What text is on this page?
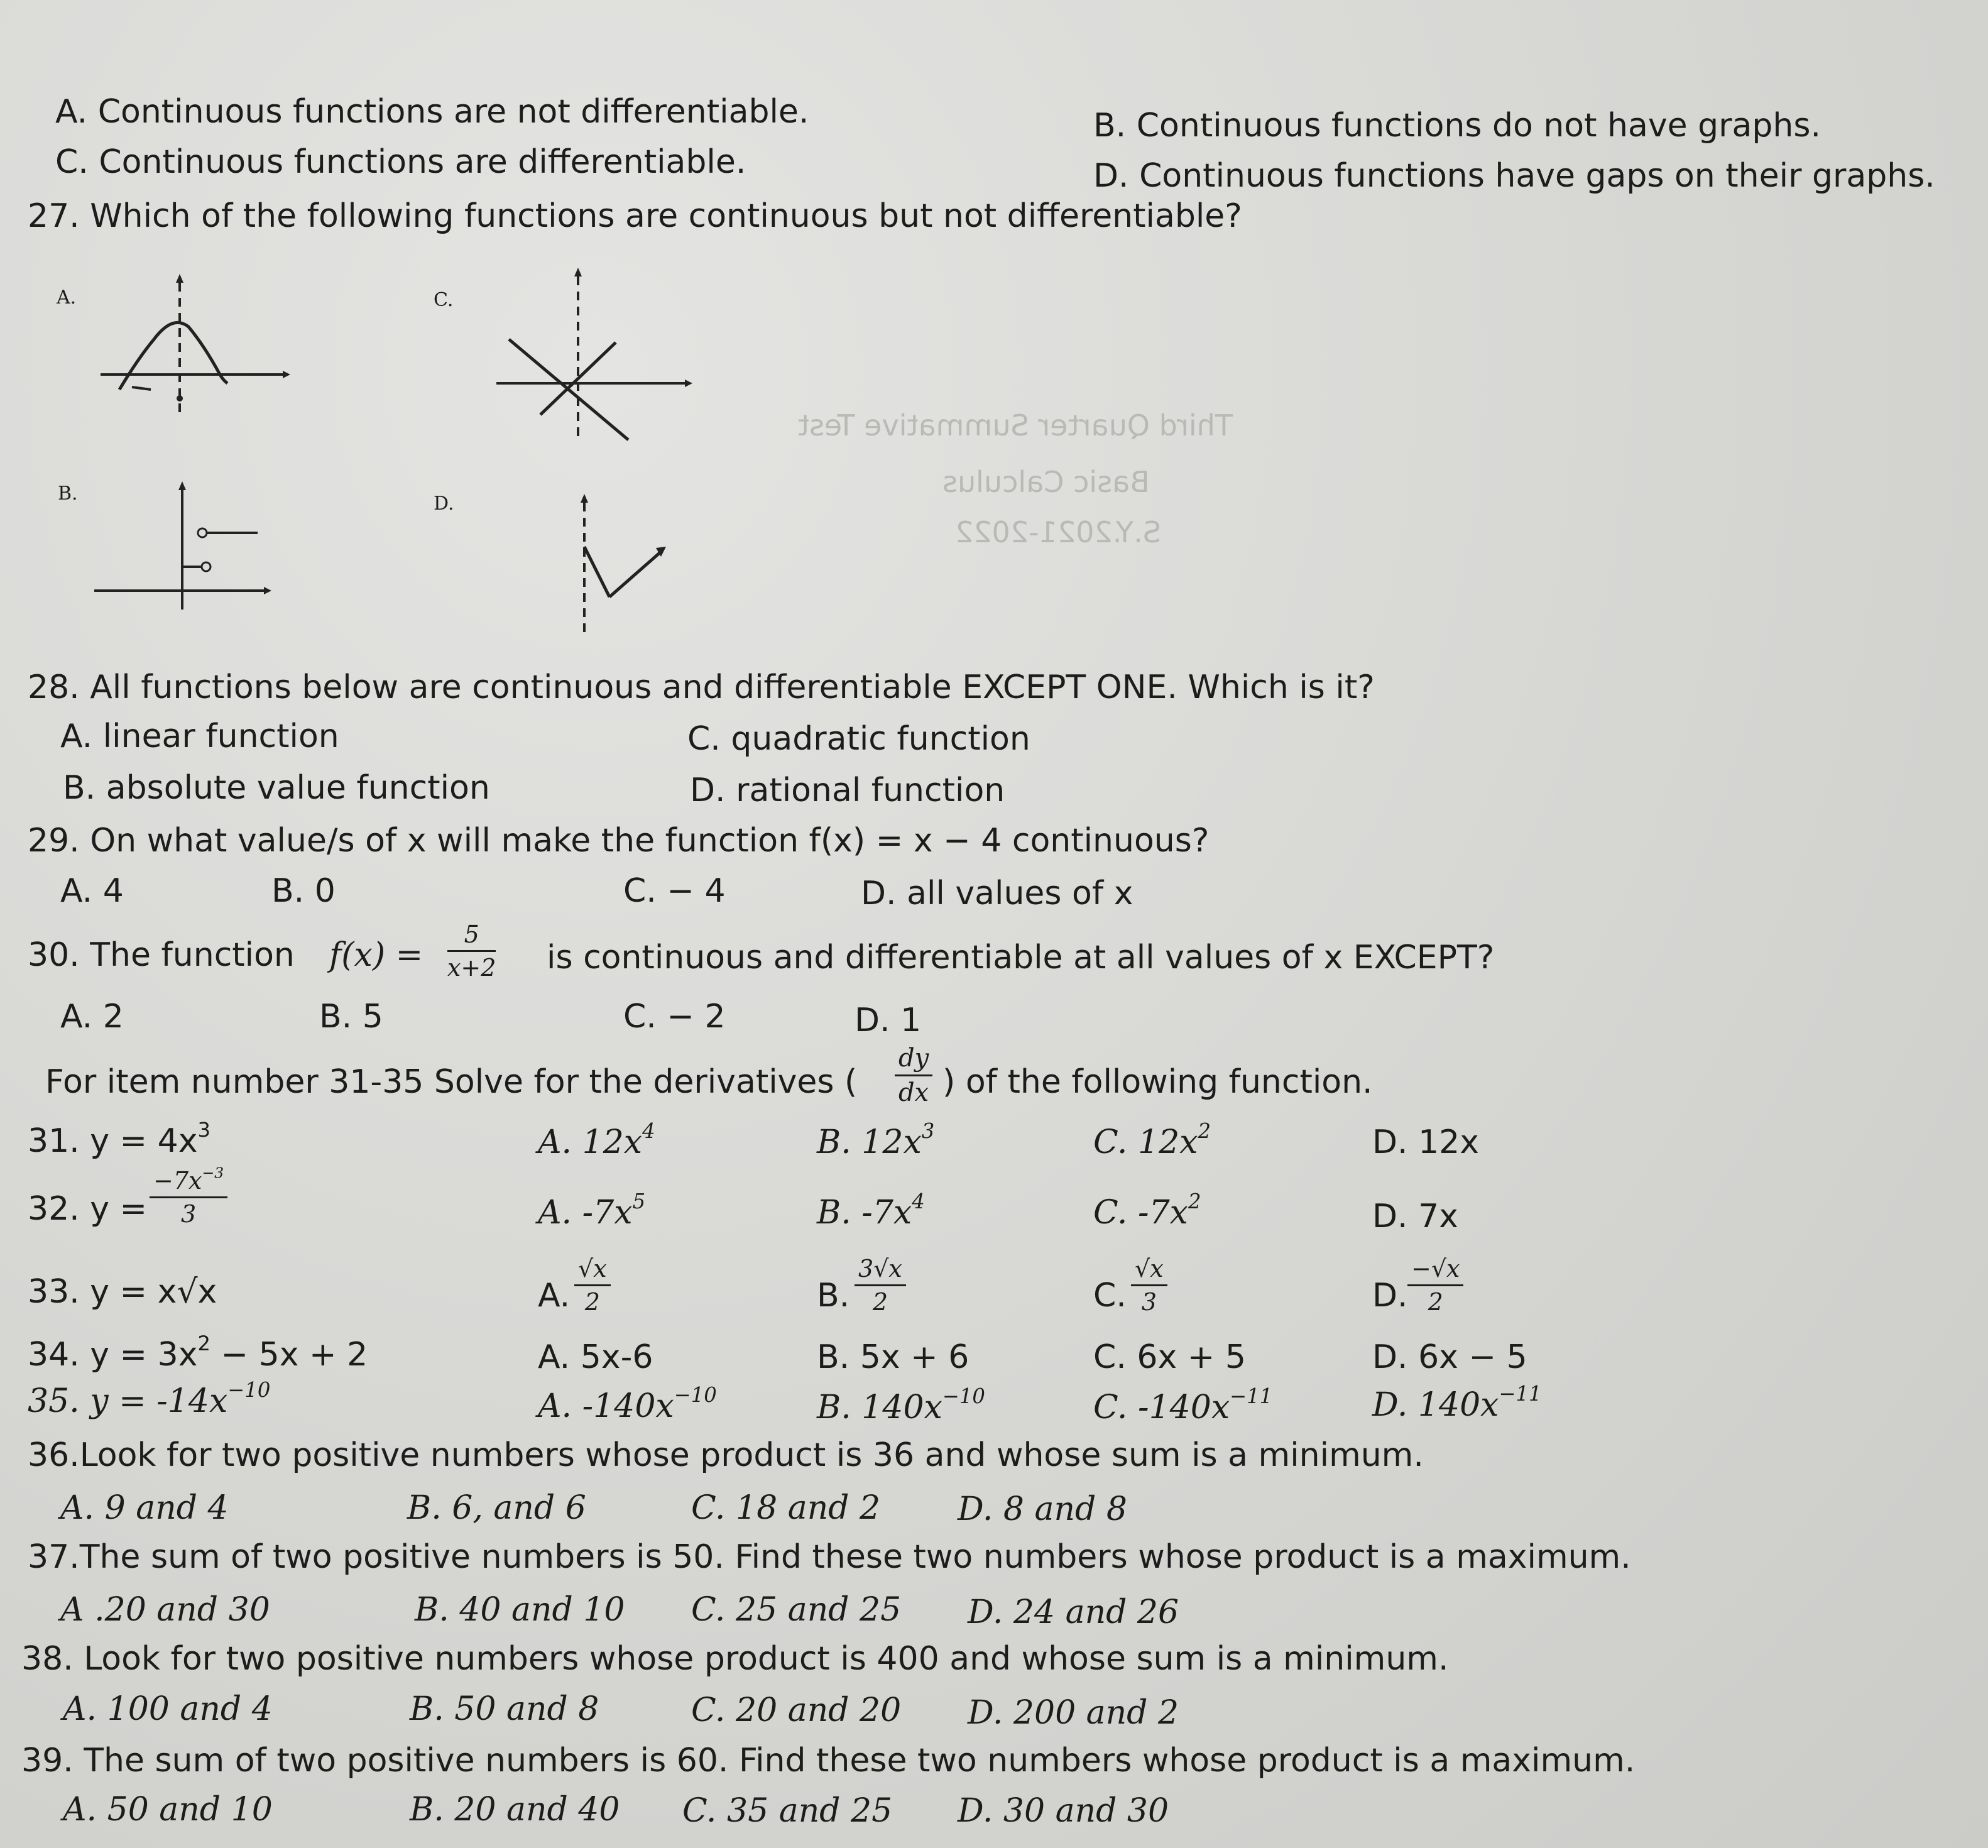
Third Quarter Summative Test
Basic Calculus
S.Y.2021-2022
A. Continuous functions are not differentiable.	B. Continuous functions do not have graphs.
C. Continuous functions are differentiable.	D. Continuous functions have gaps on their graphs.
27. Which of the following functions are continuous but not differentiable?
A.	C.
B.	D.
28. All functions below are continuous and differentiable EXCEPT ONE. Which is it?
A. linear function	C. quadratic function
B. absolute value function	D. rational function
29. On what value/s of x will make the function f(x) = x − 4 continuous?
A. 4	B. 0	C. − 4	D. all values of x
30. The function $f(x) = \frac{5}{x+2}$ is continuous and differentiable at all values of x EXCEPT?
A. 2	B. 5	C. − 2	D. 1
For item number 31-35 Solve for the derivatives ( $\frac{dy}{dx}$ ) of the following function.
31. $y = 4x^3$	A. $12x^4$	B. $12x^3$	C. $12x^2$	D. 12x
32. $y = \frac{-7x^{-3}}{3}$	A. $-7x^5$	B. $-7x^4$	C. $-7x^2$	D. 7x
33. y = x√x	A. $\frac{√x}{2}$	B. $\frac{3√x}{2}$	C. $\frac{√x}{3}$	D. $\frac{-√x}{2}$
34. $y = 3x^2 - 5x + 2$	A. 5x-6	B. 5x + 6	C. 6x + 5	D. 6x − 5
35. $y = -14x^{-10}$	A. $-140x^{-10}$	B. $140x^{-10}$	C. $-140x^{-11}$	D. $140x^{-11}$
36.Look for two positive numbers whose product is 36 and whose sum is a minimum.
A. 9 and 4	B. 6, and 6	C. 18 and 2 D. 8 and 8
37.The sum of two positive numbers is 50. Find these two numbers whose product is a maximum.
A .20 and 30	B. 40 and 10 C. 25 and 25 D. 24 and 26
38. Look for two positive numbers whose product is 400 and whose sum is a minimum.
A. 100 and 4	B. 50 and 8	C. 20 and 20 D. 200 and 2
39. The sum of two positive numbers is 60. Find these two numbers whose product is a maximum.
A. 50 and 10	B. 20 and 40 C. 35 and 25 D. 30 and 30
